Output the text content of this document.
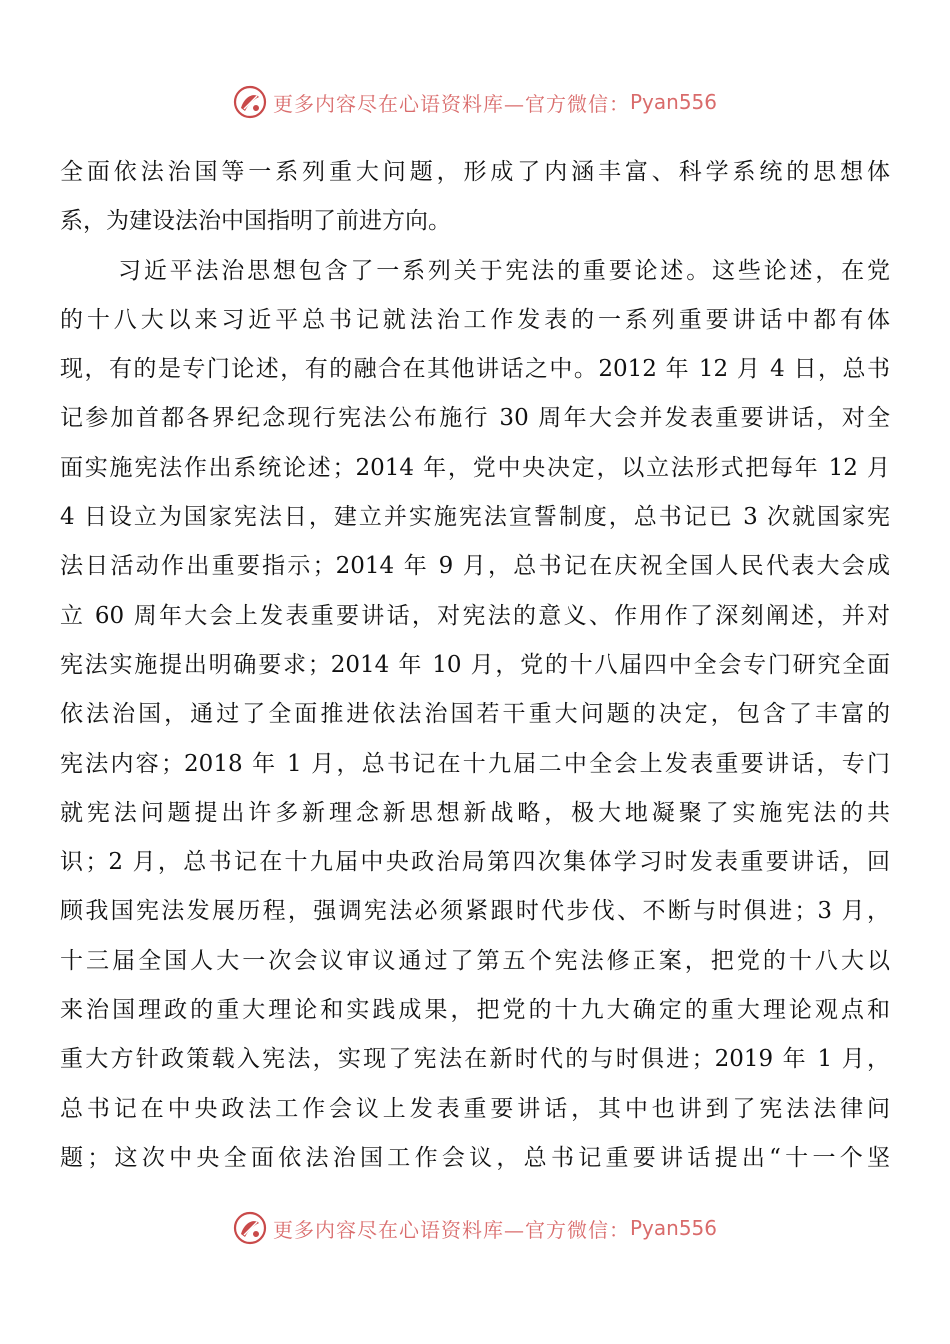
更多内容尽在心语资料库—官方微信： Pyan556
全面依法治国等一系列重大问题，形成了内涵丰富、科学系统的思想体
系，为建设法治中国指明了前进方向。
习近平法治思想包含了一系列关于宪法的重要论述。这些论述，在党
的十八大以来习近平总书记就法治工作发表的一系列重要讲话中都有体
现，有的是专门论述，有的融合在其他讲话之中。2012 年 12 月 4 日，总书
记参加首都各界纪念现行宪法公布施行 30 周年大会并发表重要讲话，对全
面实施宪法作出系统论述；2014 年，党中央决定，以立法形式把每年 12 月
4 日设立为国家宪法日，建立并实施宪法宣誓制度，总书记已 3 次就国家宪
法日活动作出重要指示；2014 年 9 月，总书记在庆祝全国人民代表大会成
立 60 周年大会上发表重要讲话，对宪法的意义、作用作了深刻阐述，并对
宪法实施提出明确要求；2014 年 10 月，党的十八届四中全会专门研究全面
依法治国，通过了全面推进依法治国若干重大问题的决定，包含了丰富的
宪法内容；2018 年 1 月，总书记在十九届二中全会上发表重要讲话，专门
就宪法问题提出许多新理念新思想新战略，极大地凝聚了实施宪法的共
识；2 月，总书记在十九届中央政治局第四次集体学习时发表重要讲话，回
顾我国宪法发展历程，强调宪法必须紧跟时代步伐、不断与时俱进；3 月，
十三届全国人大一次会议审议通过了第五个宪法修正案，把党的十八大以
来治国理政的重大理论和实践成果，把党的十九大确定的重大理论观点和
重大方针政策载入宪法，实现了宪法在新时代的与时俱进；2019 年 1 月，
总书记在中央政法工作会议上发表重要讲话，其中也讲到了宪法法律问
题；这次中央全面依法治国工作会议，总书记重要讲话提出“十一个坚
更多内容尽在心语资料库—官方微信： Pyan556
